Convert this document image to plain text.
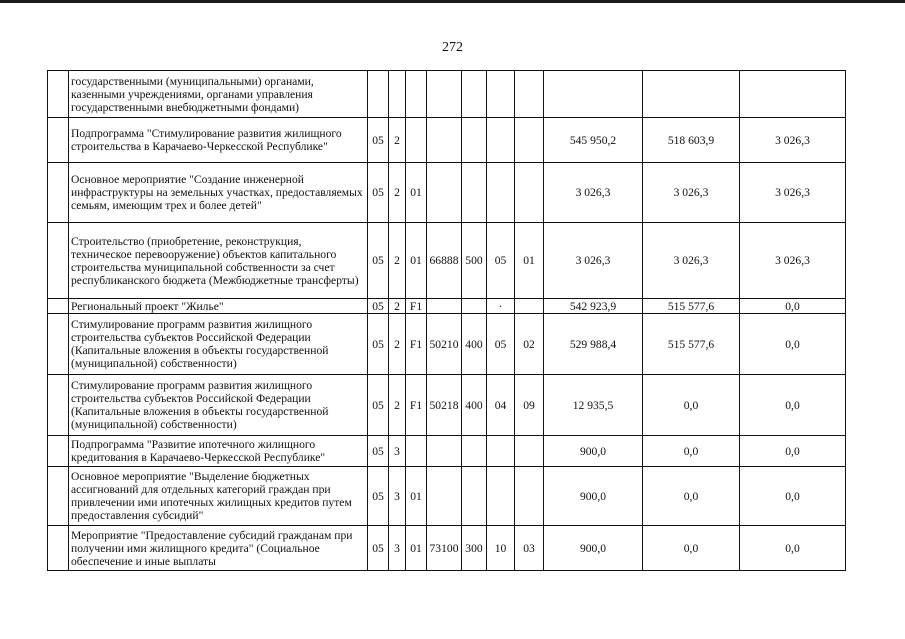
272
	государственными (муниципальными) органами, казенными учреждениями, органами управления государственными внебюджетными фондами)										
	Подпрограмма "Стимулирование развития жилищного строительства в Карачаево-Черкесской Республике"	05	2						545 950,2	518 603,9	3 026,3
	Основное мероприятие "Создание инженерной инфраструктуры на земельных участках, предоставляемых семьям, имеющим трех и более детей"	05	2	01					3 026,3	3 026,3	3 026,3
	Строительство (приобретение, реконструкция, техническое перевооружение) объектов капитального строительства муниципальной собственности за счет республиканского бюджета (Межбюджетные трансферты)	05	2	01	66888	500	05	01	3 026,3	3 026,3	3 026,3
	Региональный проект "Жилье"	05	2	F1			·		542 923,9	515 577,6	0,0
	Стимулирование программ развития жилищного строительства субъектов Российской Федерации (Капитальные вложения в объекты государственной (муниципальной) собственности)	05	2	F1	50210	400	05	02	529 988,4	515 577,6	0,0
	Стимулирование программ развития жилищного строительства субъектов Российской Федерации (Капитальные вложения в объекты государственной (муниципальной) собственности)	05	2	F1	50218	400	04	09	12 935,5	0,0	0,0
	Подпрограмма "Развитие ипотечного жилищного кредитования в Карачаево-Черкесской Республике"	05	3						900,0	0,0	0,0
	Основное мероприятие "Выделение бюджетных ассигнований для отдельных категорий граждан при привлечении ими ипотечных жилищных кредитов путем предоставления субсидий"	05	3	01					900,0	0,0	0,0
	Мероприятие "Предоставление субсидий гражданам при получении ими жилищного кредита" (Социальное обеспечение и иные выплаты	05	3	01	73100	300	10	03	900,0	0,0	0,0
